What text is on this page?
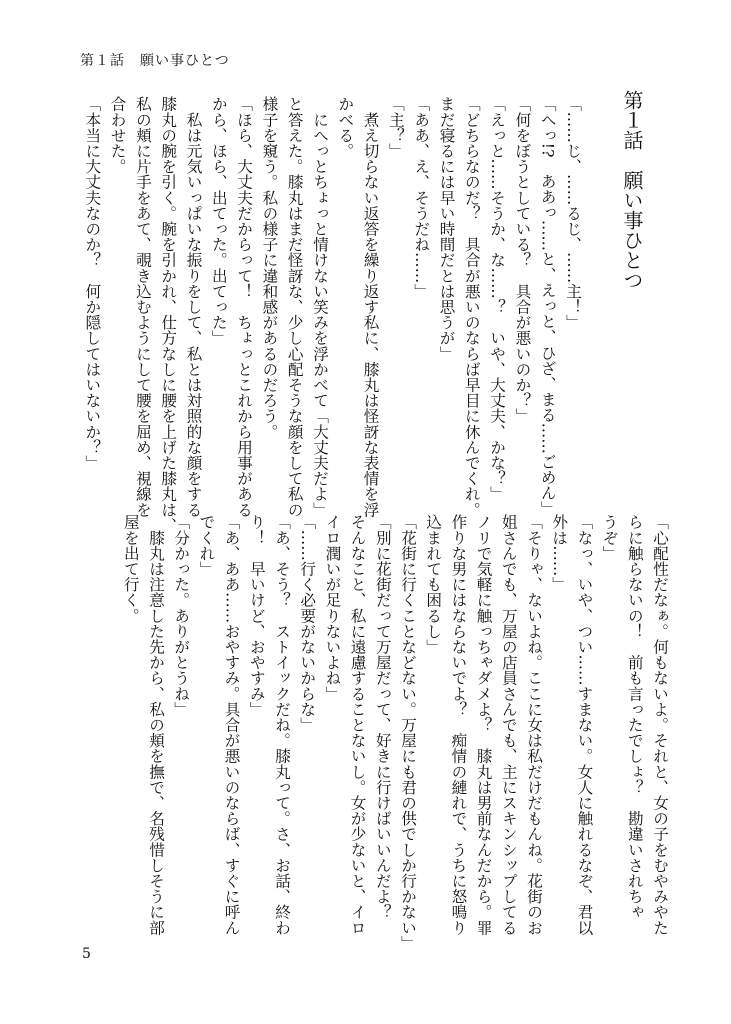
第１話　願い事ひとつ
第１話　願い事ひとつ
「……じ、……るじ、……主！」
「へっ!?　ああっ……と、えっと、ひざ、まる……ごめん」
「何をぼうとしている？　具合が悪いのか？」
「えっと……そうか、な……？　いや、大丈夫、かな？」
「どちらなのだ？　具合が悪いのならば早目に休んでくれ。
まだ寝るには早い時間だとは思うが」
「ああ、え、そうだね……」
「主？」
　煮え切らない返答を繰り返す私に、膝丸は怪訝な表情を浮
かべる。
　にへっとちょっと情けない笑みを浮かべて「大丈夫だよ」
と答えた。膝丸はまだ怪訝な、少し心配そうな顔をして私の
様子を窺う。私の様子に違和感があるのだろう。
「ほら、大丈夫だからって！　ちょっとこれから用事がある
から、ほら、出てった。出てった」
　私は元気いっぱいな振りをして、私とは対照的な顔をする
膝丸の腕を引く。腕を引かれ、仕方なしに腰を上げた膝丸は、
私の頬に片手をあて、覗き込むようにして腰を屈め、視線を
合わせた。
「本当に大丈夫なのか？　何か隠してはいないか？」
「心配性だなぁ。何もないよ。それと、女の子をむやみやた
らに触らないの！　前も言ったでしょ？　勘違いされちゃ
うぞ」
「なっ、いや、つい……すまない。女人に触れるなぞ、君以
外は……」
「そりゃ、ないよね。ここに女は私だけだもんね。花街のお
姐さんでも、万屋の店員さんでも、主にスキンシップしてる
ノリで気軽に触っちゃダメよ？　膝丸は男前なんだから。罪
作りな男にはならないでよ？　痴情の縺れで、うちに怒鳴り
込まれても困るし」
「花街に行くことなどない。万屋にも君の供でしか行かない」
「別に花街だって万屋だって、好きに行けばいいんだよ？
そんなこと、私に遠慮することないし。女が少ないと、イロ
イロ潤いが足りないよね」
「……行く必要がないからな」
「あ、そう？　ストイックだね。膝丸って。さ、お話、終わ
り！　早いけど、おやすみ」
「あ、ああ……おやすみ。具合が悪いのならば、すぐに呼ん
でくれ」
「分かった。ありがとうね」
　膝丸は注意した先から、私の頬を撫で、名残惜しそうに部
屋を出て行く。
5
